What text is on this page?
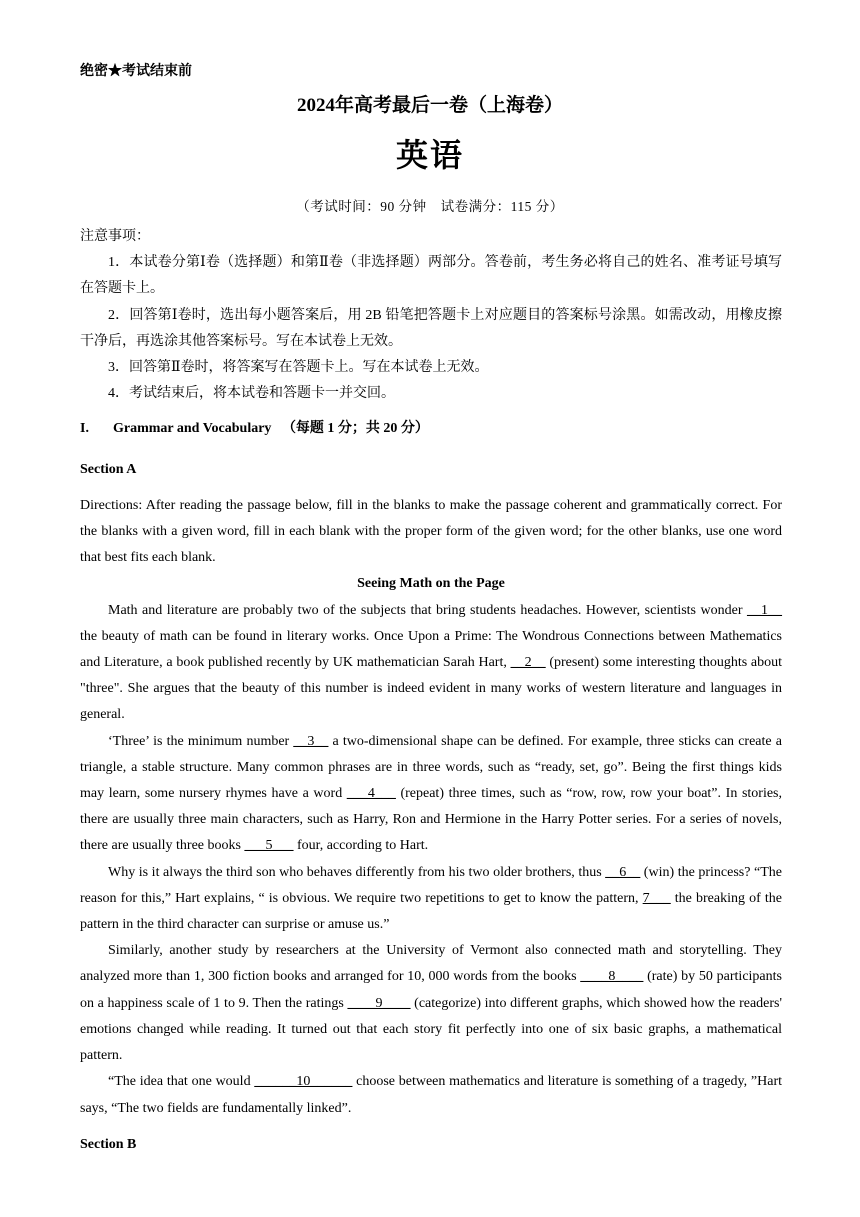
绝密★考试结束前
2024年高考最后一卷（上海卷）
英语
（考试时间：90 分钟　试卷满分：115 分）

注意事项：

1．本试卷分第Ⅰ卷（选择题）和第Ⅱ卷（非选择题）两部分。答卷前，考生务必将自己的姓名、准考证号填写在答题卡上。

2．回答第Ⅰ卷时，选出每小题答案后，用 2B 铅笔把答题卡上对应题目的答案标号涂黑。如需改动，用橡皮擦干净后，再选涂其他答案标号。写在本试卷上无效。

3．回答第Ⅱ卷时，将答案写在答题卡上。写在本试卷上无效。

4．考试结束后，将本试卷和答题卡一并交回。

I. Grammar and Vocabulary （每题 1 分；共 20 分）
Section A

Directions: After reading the passage below, fill in the blanks to make the passage coherent and grammatically correct. For the blanks with a given word, fill in each blank with the proper form of the given word; for the other blanks, use one word that best fits each blank.

Seeing Math on the Page

Math and literature are probably two of the subjects that bring students headaches. However, scientists wonder __1__ the beauty of math can be found in literary works. Once Upon a Prime: The Wondrous Connections between Mathematics and Literature, a book published recently by UK mathematician Sarah Hart, __2__ (present) some interesting thoughts about "three". She argues that the beauty of this number is indeed evident in many works of western literature and languages in general.

‘Three’ is the minimum number __3__ a two-dimensional shape can be defined. For example, three sticks can create a triangle, a stable structure. Many common phrases are in three words, such as “ready, set, go”. Being the first things kids may learn, some nursery rhymes have a word ___4___ (repeat) three times, such as “row, row, row your boat”. In stories, there are usually three main characters, such as Harry, Ron and Hermione in the Harry Potter series. For a series of novels, there are usually three books ___5___ four, according to Hart.

Why is it always the third son who behaves differently from his two older brothers, thus __6__ (win) the princess? “The reason for this,” Hart explains, “ is obvious. We require two repetitions to get to know the pattern, 7___ the breaking of the pattern in the third character can surprise or amuse us.”

Similarly, another study by researchers at the University of Vermont also connected math and storytelling. They analyzed more than 1, 300 fiction books and arranged for 10, 000 words from the books ____8____ (rate) by 50 participants on a happiness scale of 1 to 9. Then the ratings ____9____ (categorize) into different graphs, which showed how the readers' emotions changed while reading. It turned out that each story fit perfectly into one of six basic graphs, a mathematical pattern.

“The idea that one would ______10______ choose between mathematics and literature is something of a tragedy, ”Hart says, “The two fields are fundamentally linked”.

Section B
